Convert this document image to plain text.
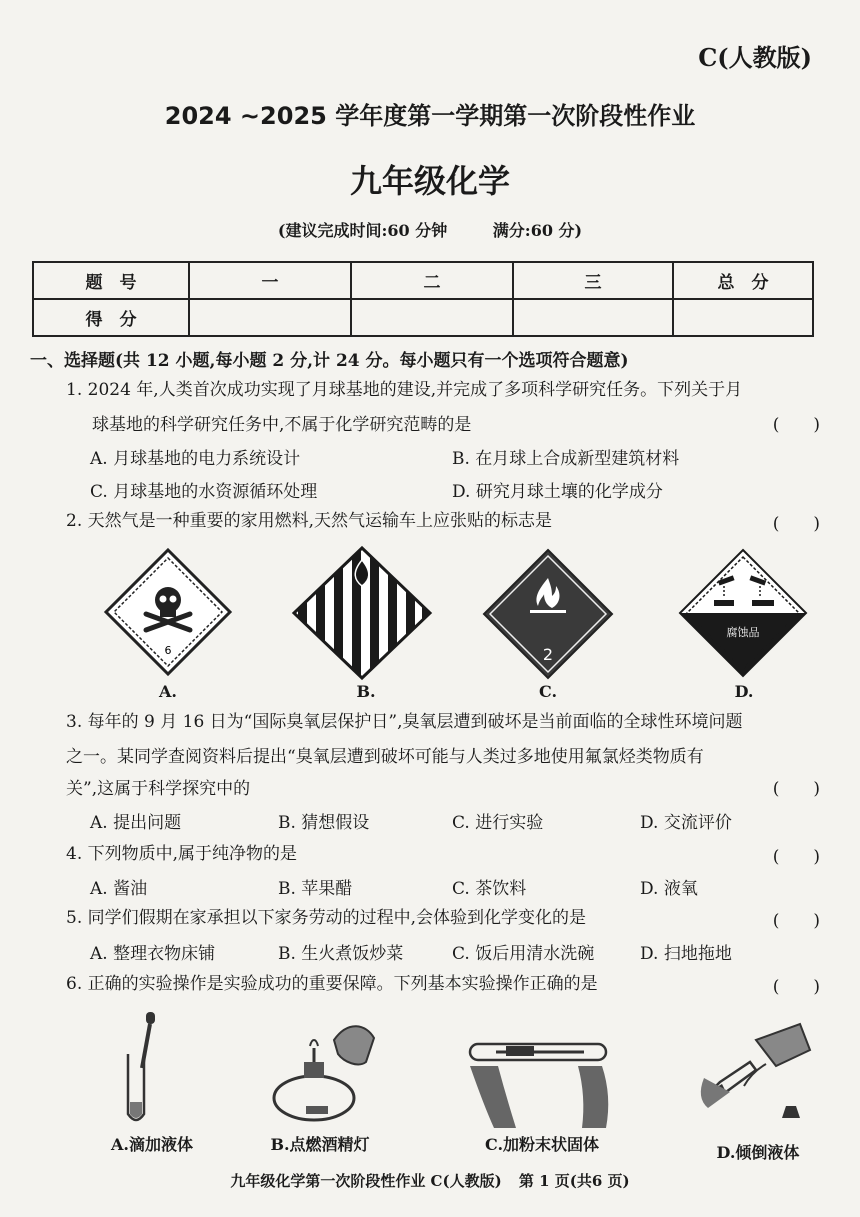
C(人教版)
2024 ~2025 学年度第一学期第一次阶段性作业
九年级化学
(建议完成时间:60 分钟	满分:60 分)
题　号	一	二	三	总　分
得　分				
一、选择题(共 12 小题,每小题 2 分,计 24 分。每小题只有一个选项符合题意)
1. 2024 年,人类首次成功实现了月球基地的建设,并完成了多项科学研究任务。下列关于月
球基地的科学研究任务中,不属于化学研究范畴的是	(　　)
A. 月球基地的电力系统设计	B. 在月球上合成新型建筑材料
C. 月球基地的水资源循环处理	D. 研究月球土壤的化学成分
2. 天然气是一种重要的家用燃料,天然气运输车上应张贴的标志是	(　　)
6	2
腐蚀品
A.	B.	C.	D.
3. 每年的 9 月 16 日为“国际臭氧层保护日”,臭氧层遭到破坏是当前面临的全球性环境问题
之一。某同学查阅资料后提出“臭氧层遭到破坏可能与人类过多地使用氟氯烃类物质有
关”,这属于科学探究中的	(　　)
A. 提出问题	B. 猜想假设	C. 进行实验	D. 交流评价
4. 下列物质中,属于纯净物的是	(　　)
A. 酱油	B. 苹果醋	C. 茶饮料	D. 液氧
5. 同学们假期在家承担以下家务劳动的过程中,会体验到化学变化的是	(　　)
A. 整理衣物床铺	B. 生火煮饭炒菜	C. 饭后用清水洗碗	D. 扫地拖地
6. 正确的实验操作是实验成功的重要保障。下列基本实验操作正确的是	(　　)
A.滴加液体	B.点燃酒精灯	C.加粉末状固体	D.倾倒液体
九年级化学第一次阶段性作业 C(人教版) 第 1 页(共6 页)
